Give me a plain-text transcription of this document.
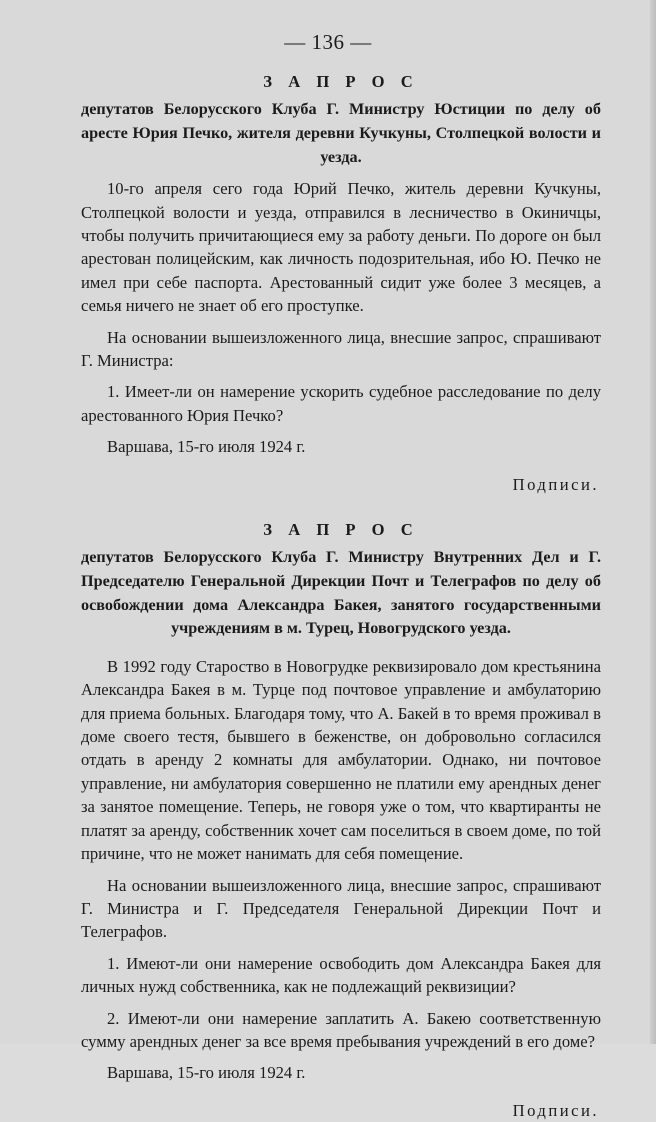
— 136 —
З А П Р О С

депутатов Белорусского Клуба Г. Министру Юстиции по делу об аресте Юрия Печко, жителя деревни Кучкуны, Столпецкой волости и уезда.

10-го апреля сего года Юрий Печко, житель деревни Кучкуны, Столпецкой волости и уезда, отправился в лесничество в Окиничцы, чтобы получить причитающиеся ему за работу деньги. По дороге он был арестован полицейским, как личность подозрительная, ибо Ю. Печко не имел при себе паспорта. Арестованный сидит уже более 3 месяцев, а семья ничего не знает об его проступке.

На основании вышеизложенного лица, внесшие запрос, спрашивают Г. Министра:

1. Имеет-ли он намерение ускорить судебное расследование по делу арестованного Юрия Печко?

Варшава, 15-го июля 1924 г.

Подписи.

З А П Р О С

депутатов Белорусского Клуба Г. Министру Внутренних Дел и Г. Председателю Генеральной Дирекции Почт и Телеграфов по делу об освобождении дома Александра Бакея, занятого государственными учреждениям в м. Турец, Новогрудского уезда.

В 1992 году Староство в Новогрудке реквизировало дом крестьянина Александра Бакея в м. Турце под почтовое управление и амбулаторию для приема больных. Благодаря тому, что А. Бакей в то время проживал в доме своего тестя, бывшего в беженстве, он добровольно согласился отдать в аренду 2 комнаты для амбулатории. Однако, ни почтовое управление, ни амбулатория совершенно не платили ему арендных денег за занятое помещение. Теперь, не говоря уже о том, что квартиранты не платят за аренду, собственник хочет сам поселиться в своем доме, по той причине, что не может нанимать для себя помещение.

На основании вышеизложенного лица, внесшие запрос, спрашивают Г. Министра и Г. Председателя Генеральной Дирекции Почт и Телеграфов.

1. Имеют-ли они намерение освободить дом Александра Бакея для личных нужд собственника, как не подлежащий реквизиции?

2. Имеют-ли они намерение заплатить А. Бакею соответственную сумму арендных денег за все время пребывания учреждений в его доме?

Варшава, 15-го июля 1924 г.

Подписи.
